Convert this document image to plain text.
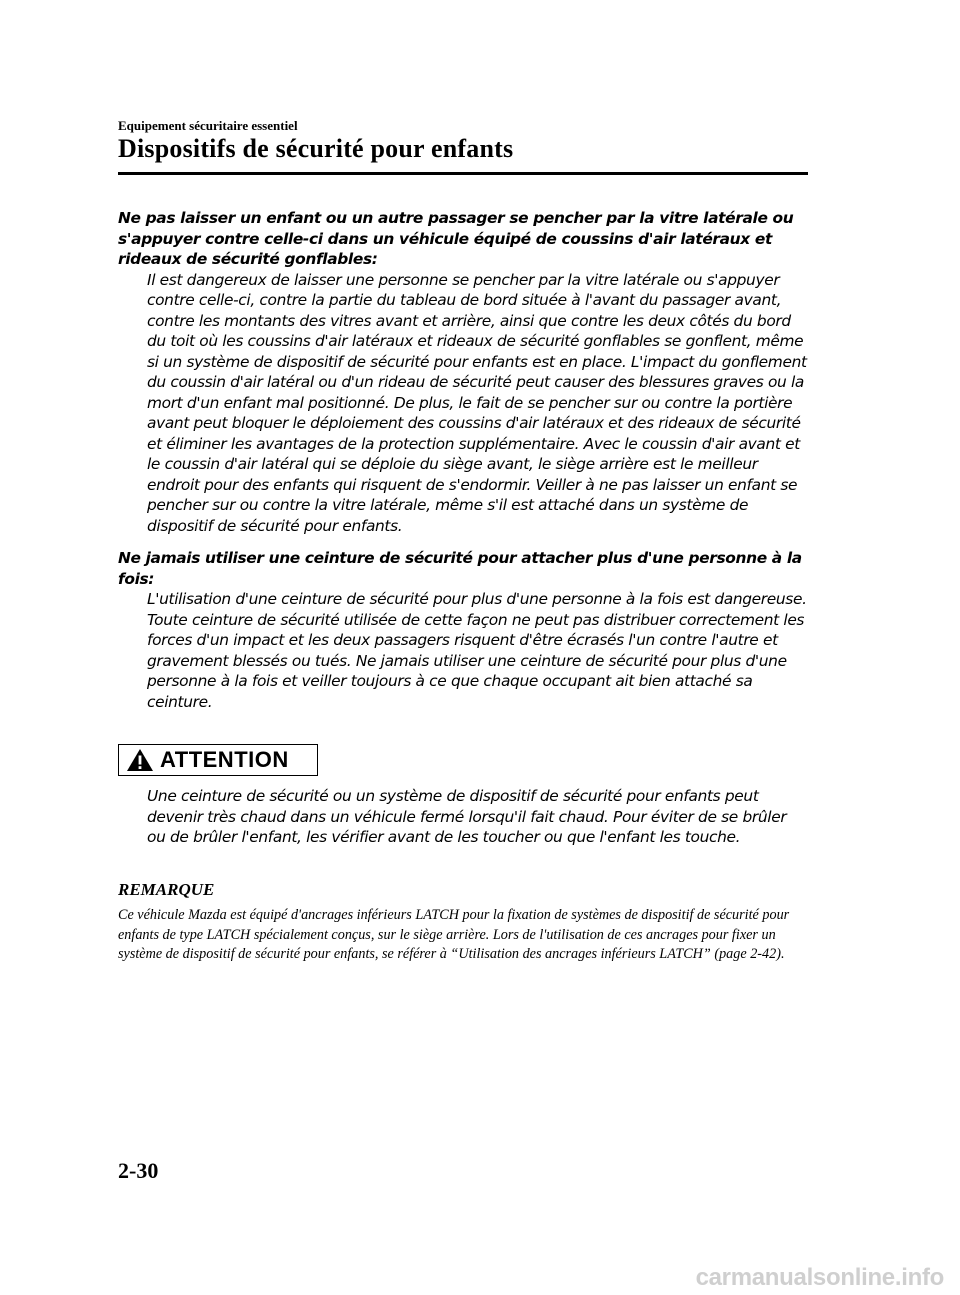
Equipement sécuritaire essentiel
Dispositifs de sécurité pour enfants

Ne pas laisser un enfant ou un autre passager se pencher par la vitre latérale ou s'appuyer contre celle-ci dans un véhicule équipé de coussins d'air latéraux et rideaux de sécurité gonflables:

Il est dangereux de laisser une personne se pencher par la vitre latérale ou s'appuyer contre celle-ci, contre la partie du tableau de bord située à l'avant du passager avant, contre les montants des vitres avant et arrière, ainsi que contre les deux côtés du bord du toit où les coussins d'air latéraux et rideaux de sécurité gonflables se gonflent, même si un système de dispositif de sécurité pour enfants est en place. L'impact du gonflement du coussin d'air latéral ou d'un rideau de sécurité peut causer des blessures graves ou la mort d'un enfant mal positionné. De plus, le fait de se pencher sur ou contre la portière avant peut bloquer le déploiement des coussins d'air latéraux et des rideaux de sécurité et éliminer les avantages de la protection supplémentaire. Avec le coussin d'air avant et le coussin d'air latéral qui se déploie du siège avant, le siège arrière est le meilleur endroit pour des enfants qui risquent de s'endormir. Veiller à ne pas laisser un enfant se pencher sur ou contre la vitre latérale, même s'il est attaché dans un système de dispositif de sécurité pour enfants.

Ne jamais utiliser une ceinture de sécurité pour attacher plus d'une personne à la fois:

L'utilisation d'une ceinture de sécurité pour plus d'une personne à la fois est dangereuse. Toute ceinture de sécurité utilisée de cette façon ne peut pas distribuer correctement les forces d'un impact et les deux passagers risquent d'être écrasés l'un contre l'autre et gravement blessés ou tués. Ne jamais utiliser une ceinture de sécurité pour plus d'une personne à la fois et veiller toujours à ce que chaque occupant ait bien attaché sa ceinture.

ATTENTION

Une ceinture de sécurité ou un système de dispositif de sécurité pour enfants peut devenir très chaud dans un véhicule fermé lorsqu'il fait chaud. Pour éviter de se brûler ou de brûler l'enfant, les vérifier avant de les toucher ou que l'enfant les touche.

REMARQUE

Ce véhicule Mazda est équipé d'ancrages inférieurs LATCH pour la fixation de systèmes de dispositif de sécurité pour enfants de type LATCH spécialement conçus, sur le siège arrière. Lors de l'utilisation de ces ancrages pour fixer un système de dispositif de sécurité pour enfants, se référer à “Utilisation des ancrages inférieurs LATCH” (page 2-42).

2-30
carmanualsonline.info
